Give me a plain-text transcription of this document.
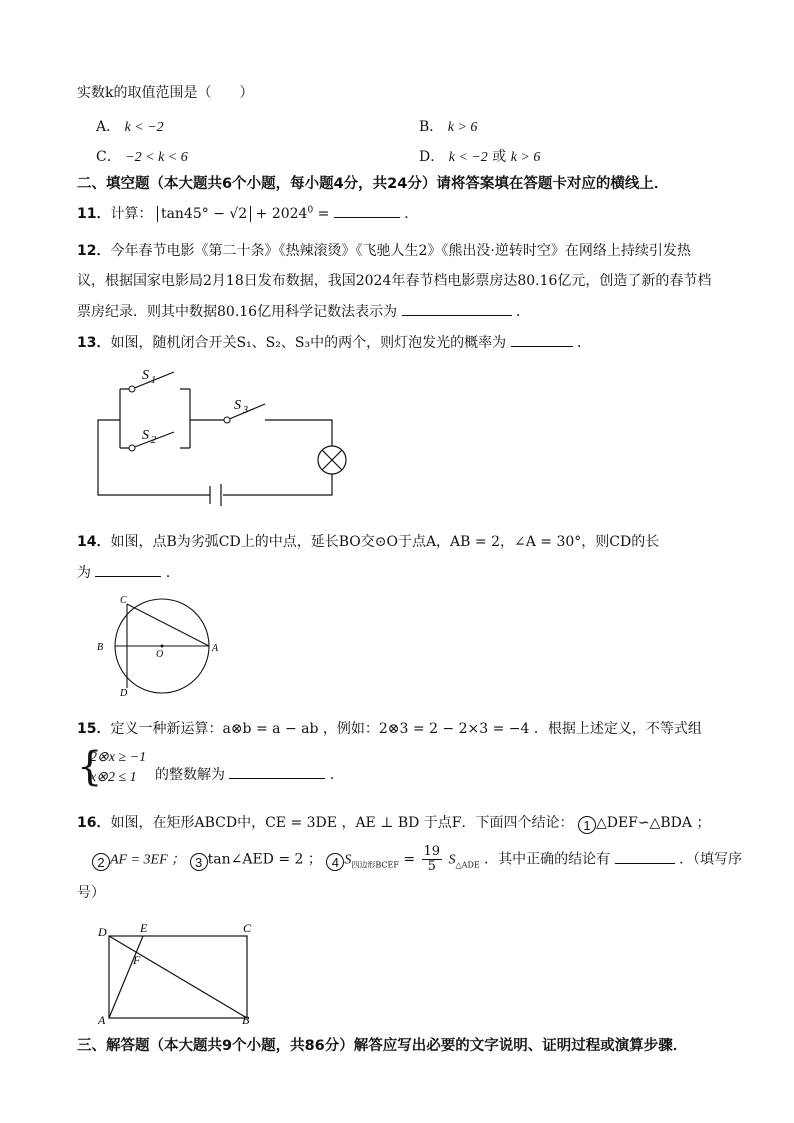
实数k的取值范围是（　　）
A． k < −2	B． k > 6
C． −2 < k < 6	D． k < −2 或 k > 6
二、填空题（本大题共6个小题，每小题4分，共24分）请将答案填在答题卡对应的横线上．
11．计算： $\tan 45^\circ - √2 + 2024^0$ =	．
12．今年春节电影《第二十条》《热辣滚烫》《飞驰人生2》《熊出没·逆转时空》在网络上持续引发热
议，根据国家电影局2月18日发布数据，我国2024年春节档电影票房达80.16亿元，创造了新的春节档
票房纪录．则其中数据80.16亿用科学记数法表示为	．
13．如图，随机闭合开关S₁、S₂、S₃中的两个，则灯泡发光的概率为	．
S 1
S 2
S 3
14．如图，点B为劣弧CD上的中点，延长BO交⊙O于点A，AB = 2，∠A = 30°，则CD的长
为	．
C
B
O
A
D
15．定义一种新运算：a⊗b = a − ab ，例如：2⊗3 = 2 − 2×3 = −4 ．根据上述定义，不等式组
{
2⊗x ≥ −1
x⊗2 ≤ 1	的整数解为	．
16．如图，在矩形ABCD中，CE = 3DE ，AE ⊥ BD 于点F．下面四个结论： 1 △DEF∽△BDA ；
2 AF = 3EF ； 3 tan∠AED = 2 ； 4 $S_{四边形BCEF} = \frac{19}{5} S_{\triangle ADE}$ ．其中正确的结论有	．（填写序
号）
D	E	C
F
A	B
三、解答题（本大题共9个小题，共86分）解答应写出必要的文字说明、证明过程或演算步骤．
